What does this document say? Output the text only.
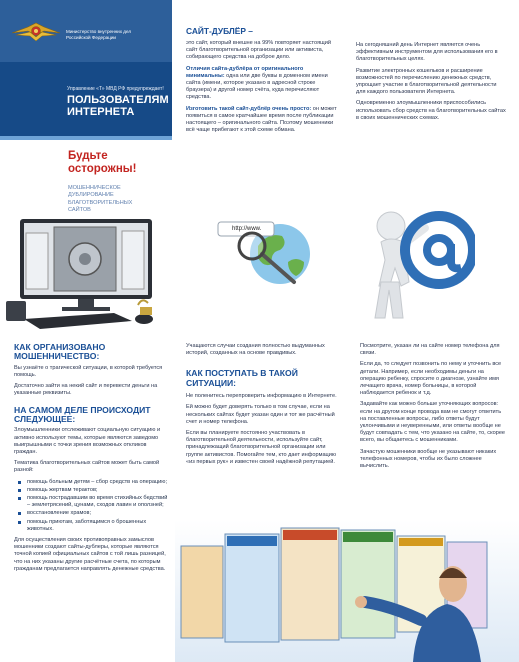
Министерство внутренних дел
Российской Федерации
Управление «Т» МВД РФ предупреждает!
ПОЛЬЗОВАТЕЛЯМ
ИНТЕРНЕТА
Будьте
осторожны!
МОШЕННИЧЕСКОЕ
ДУБЛИРОВАНИЕ
БЛАГОТВОРИТЕЛЬНЫХ
САЙТОВ
http://www.
САЙТ-ДУБЛЁР –

это сайт, который внешне на 99% повторяет настоящий сайт благотворительной организации или активиста, собирающего средства на доброе дело.

Отличия сайта-дублёра от оригинального минимальны: одна или две буквы в доменном имени сайта (имени, которое указано в адресной строке браузера) и другой номер счёта, куда перечисляют средства.

Изготовить такой сайт-дублёр очень просто: он может появиться в самое кратчайшее время после публикации настоящего – оригинального сайта. Поэтому мошенники всё чаще прибегают к этой схеме обмана.

На сегодняшний день Интернет является очень эффективным инструментом для использования его в благотворительных целях.

Развитие электронных кошельков и расширение возможностей по перечислению денежных средств, упрощает участие в благотворительной деятельности для каждого пользователя Интернета.

Одновременно злоумышленники приспособились использовать сбор средств на благотворительных сайтах в своих мошеннических схемах.

КАК ОРГАНИЗОВАНО МОШЕННИЧЕСТВО:

Вы узнаёте о трагической ситуации, в которой требуется помощь.

Достаточно зайти на некий сайт и перевести деньги на указанные реквизиты.

НА САМОМ ДЕЛЕ ПРОИСХОДИТ СЛЕДУЮЩЕЕ:

Злоумышленники отслеживают социальную ситуацию и активно используют темы, которые являются заведомо выигрышными с точки зрения возможных откликов граждан.

Тематика благотворительных сайтов может быть самой разной:

помощь больным детям – сбор средств на операцию;
помощь жертвам терактов;
помощь пострадавшим во время стихийных бедствий – землетрясений, цунами, сходов лавин и оползней;
восстановление храмов;
помощь приютам, заботящимся о брошенных животных.

Для осуществления своих противоправных замыслов мошенники создают сайты-дублеры, которые являются точной копией официальных сайтов с той лишь разницей, что на них указаны другие расчётные счета, по которым гражданам предлагается направлять денежные средства.

Учащаются случаи создания полностью выдуманных историй, созданных на основе правдивых.

КАК ПОСТУПАТЬ В ТАКОЙ СИТУАЦИИ:

Не поленитесь перепроверить информацию в Интернете.

Ей можно будет доверять только в том случае, если на нескольких сайтах будет указан один и тот же расчётный счет и номер телефона.

Если вы планируете постоянно участвовать в благотворительной деятельности, используйте сайт, принадлежащий благотворительной организации или группе активистов. Помогайте тем, кто дает информацию «из первых рук» и известен своей надёжной репутацией.

Посмотрите, указан ли на сайте номер телефона для связи.

Если да, то следует позвонить по нему и уточнить все детали. Например, если необходимы деньги на операцию ребенку, спросите о диагнозе, узнайте имя лечащего врача, номер больницы, в которой наблюдается ребенок и т.д.

Задавайте как можно больше уточняющих вопросов: если на другом конце провода вам не смогут ответить на поставленные вопросы, либо ответы будут уклончивыми и неуверенными, или ответы вообще не будут совпадать с тем, что указано на сайте, то, скорее всего, вы общаетесь с мошенниками.

Зачастую мошенники вообще не указывают никаких телефонных номеров, чтобы их было сложнее вычислить.
